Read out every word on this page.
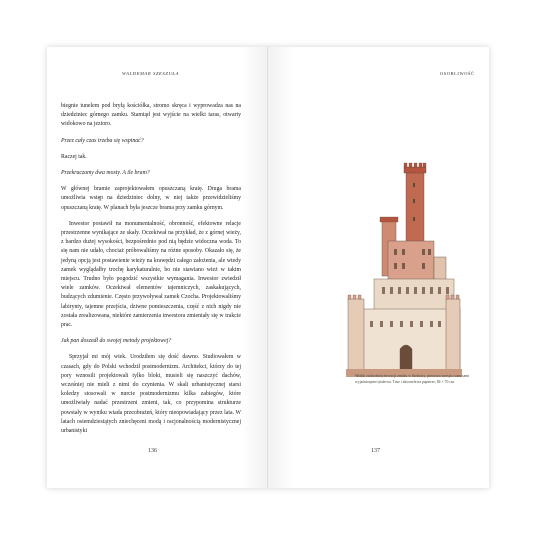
WALDEMAR SZESZUŁA

biegnie tunelem pod bryłą kościółka, stromo skręca i wyprowadza nas na dziedziniec górnego zamku. Stamtąd jest wyjście na wielki taras, otwarty widokowo na jezioro.

Przez cały czas trzeba się wspinać?

Raczej tak.

Przekraczamy dwa mosty. A ile bram?

W głównej bramie zaprojektowałem opuszczaną kratę. Druga brama umożliwia wstęp na dziedziniec dolny, w niej także przewidzieliśmy opuszczaną kratę. W planach była jeszcze brama przy zamku górnym.

Inwestor postawił na monumentalność, obronność, efektowne relacje przestrzenne wynikające ze skały. Oczekiwał na przykład, że z górnej wieży, z bardzo dużej wysokości, bezpośrednio pod nią będzie widoczna woda. To się nam nie udało, chociaż próbowaliśmy na różne sposoby. Okazało się, że jedyną opcją jest postawienie wieży na krawędzi całego założenia, ale wtedy zamek wyglądałby trochę karykaturalnie, bo nie stawiano wież w takim miejscu. Trudno było pogodzić wszystkie wymagania. Inwestor zwiedził wiele zamków. Oczekiwał elementów tajemniczych, zaskakujących, budzących zdumienie. Często przywoływał zamek Czocha. Projektowaliśmy labirynty, tajemne przejścia, dziwne pomieszczenia, część z nich nigdy nie została zrealizowana, niektóre zamierzenia inwestora zmieniały się w trakcie prac.

Jak pan doszedł do swojej metody projektowej?

Sprzyjał mi mój wiek. Urodziłem się dość dawno. Studiowałem w czasach, gdy do Polski wchodził postmodernizm. Architekci, którzy do tej pory wznosili projektowali tylko bloki, musieli się naszczyć dachów, wcześniej nie mieli z nimi do czynienia. W skali urbanistycznej starsi koledzy stosowali w nurcie postmodernizmu kilka zabiegów, które umożliwiały nadać przestrzeni zmieni, tak, co przypomina strukturze powstały w wyniku wiada przeobrażeń, który nieopowiadający przez lata. W latach osiemdziesiątych zniechęceni modą i racjonalnością modernistycznej urbanistyki

136
OSOBLIWOŚĆ
Widok zachodniej elewacji zamku w Stobnicy, pierwsza wersja z zanosami wyjaśnionymi tytułowa. Tusz i akwarela na papierze, 84 × 70 cm.
137
